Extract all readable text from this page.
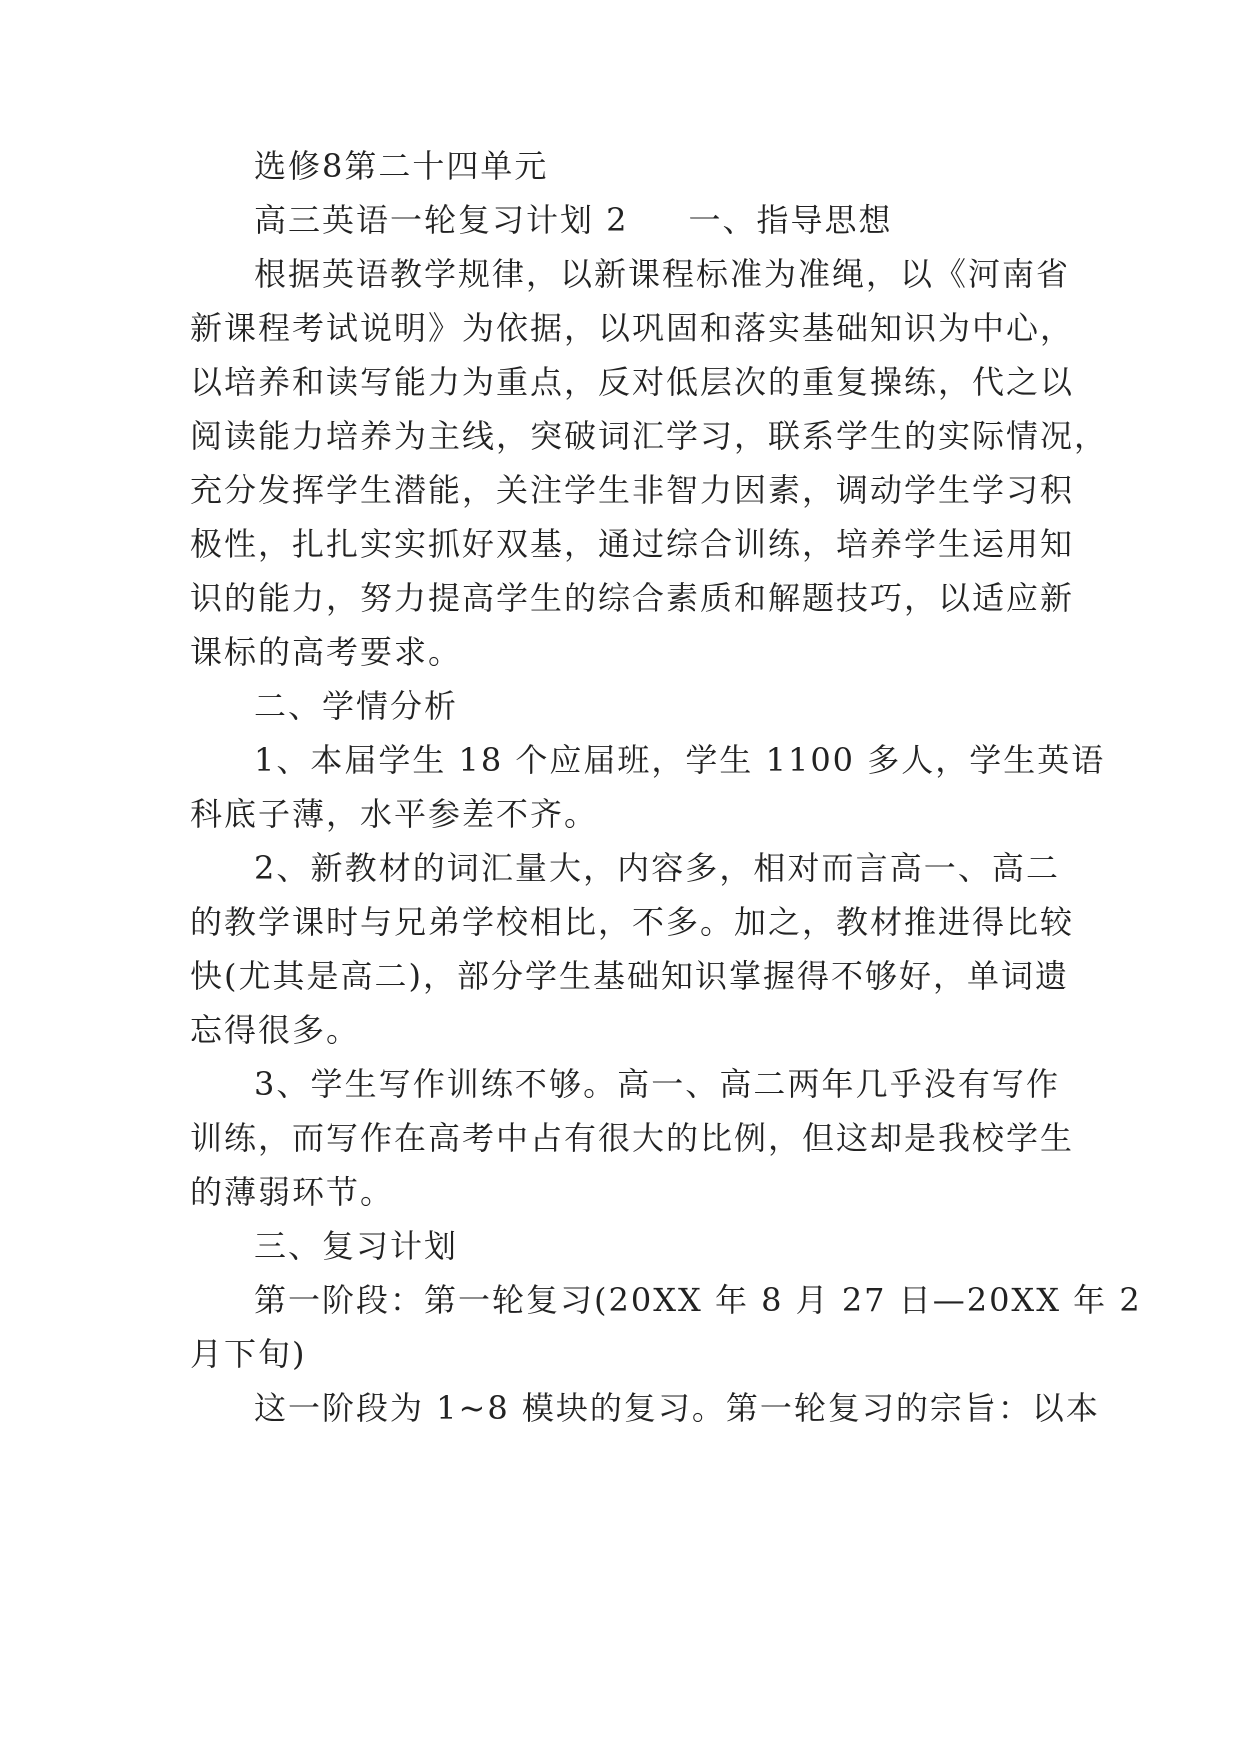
选修8第二十四单元

高三英语一轮复习计划 2 一、指导思想

根据英语教学规律，以新课程标准为准绳，以《河南省

新课程考试说明》为依据，以巩固和落实基础知识为中心，

以培养和读写能力为重点，反对低层次的重复操练，代之以

阅读能力培养为主线，突破词汇学习，联系学生的实际情况，

充分发挥学生潜能，关注学生非智力因素，调动学生学习积

极性，扎扎实实抓好双基，通过综合训练，培养学生运用知

识的能力，努力提高学生的综合素质和解题技巧，以适应新

课标的高考要求。

二、学情分析

1、本届学生 18 个应届班，学生 1100 多人，学生英语

科底子薄，水平参差不齐。

2、新教材的词汇量大，内容多，相对而言高一、高二

的教学课时与兄弟学校相比，不多。加之，教材推进得比较

快(尤其是高二)，部分学生基础知识掌握得不够好，单词遗

忘得很多。

3、学生写作训练不够。高一、高二两年几乎没有写作

训练，而写作在高考中占有很大的比例，但这却是我校学生

的薄弱环节。

三、复习计划

第一阶段：第一轮复习(20XX 年 8 月 27 日—20XX 年 2

月下旬)

这一阶段为 1~8 模块的复习。第一轮复习的宗旨：以本
